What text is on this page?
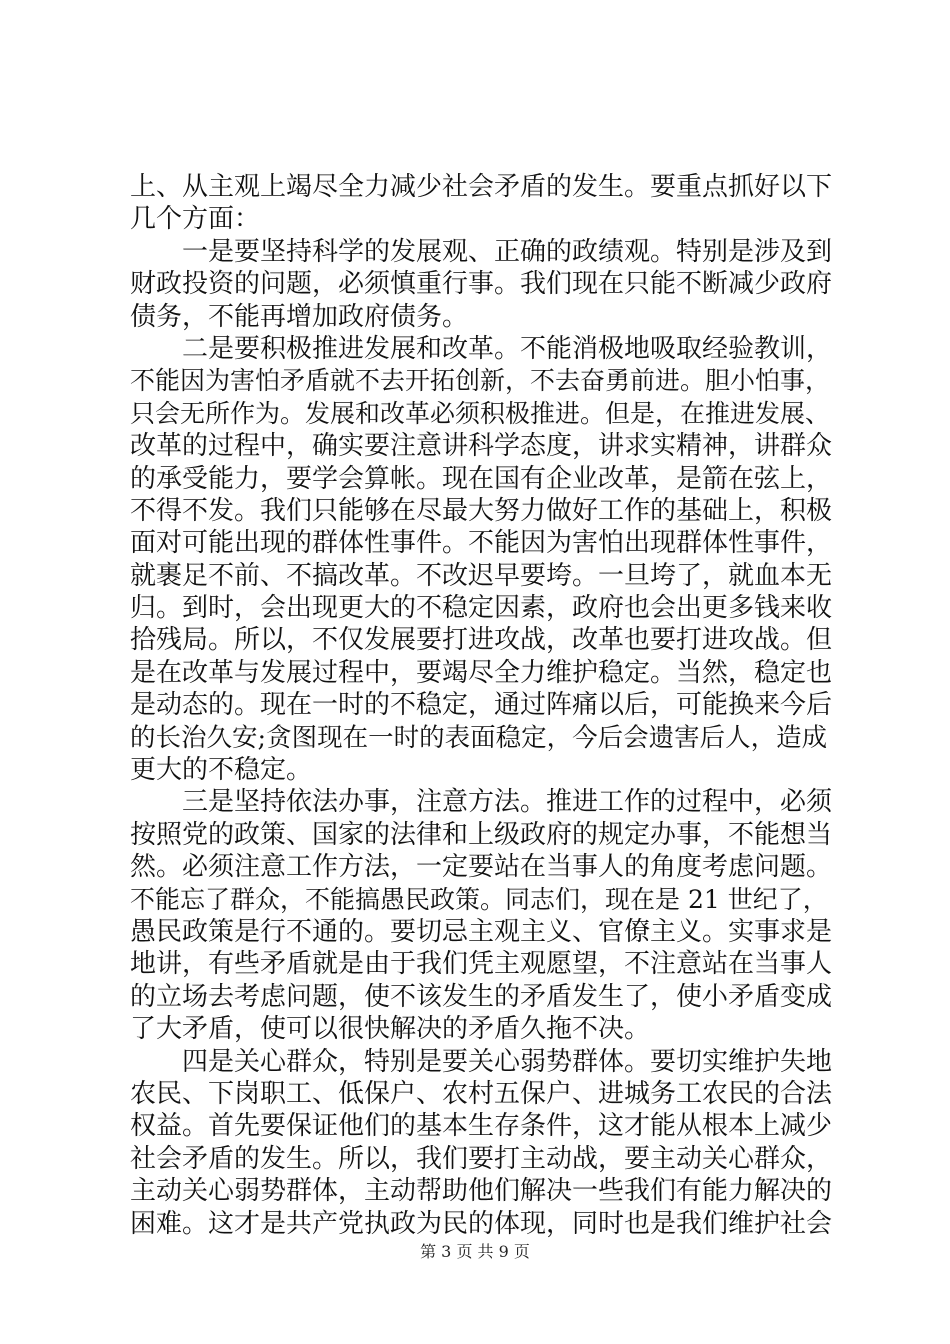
上、从主观上竭尽全力减少社会矛盾的发生。要重点抓好以下
几个方面：
一是要坚持科学的发展观、正确的政绩观。特别是涉及到
财政投资的问题，必须慎重行事。我们现在只能不断减少政府
债务，不能再增加政府债务。
二是要积极推进发展和改革。不能消极地吸取经验教训，
不能因为害怕矛盾就不去开拓创新，不去奋勇前进。胆小怕事，
只会无所作为。发展和改革必须积极推进。但是，在推进发展、
改革的过程中，确实要注意讲科学态度，讲求实精神，讲群众
的承受能力，要学会算帐。现在国有企业改革，是箭在弦上，
不得不发。我们只能够在尽最大努力做好工作的基础上，积极
面对可能出现的群体性事件。不能因为害怕出现群体性事件，
就裹足不前、不搞改革。不改迟早要垮。一旦垮了，就血本无
归。到时，会出现更大的不稳定因素，政府也会出更多钱来收
拾残局。所以，不仅发展要打进攻战，改革也要打进攻战。但
是在改革与发展过程中，要竭尽全力维护稳定。当然，稳定也
是动态的。现在一时的不稳定，通过阵痛以后，可能换来今后
的长治久安;贪图现在一时的表面稳定，今后会遗害后人，造成
更大的不稳定。
三是坚持依法办事，注意方法。推进工作的过程中，必须
按照党的政策、国家的法律和上级政府的规定办事，不能想当
然。必须注意工作方法，一定要站在当事人的角度考虑问题。
不能忘了群众，不能搞愚民政策。同志们，现在是 21 世纪了，
愚民政策是行不通的。要切忌主观主义、官僚主义。实事求是
地讲，有些矛盾就是由于我们凭主观愿望，不注意站在当事人
的立场去考虑问题，使不该发生的矛盾发生了，使小矛盾变成
了大矛盾，使可以很快解决的矛盾久拖不决。
四是关心群众，特别是要关心弱势群体。要切实维护失地
农民、下岗职工、低保户、农村五保户、进城务工农民的合法
权益。首先要保证他们的基本生存条件，这才能从根本上减少
社会矛盾的发生。所以，我们要打主动战，要主动关心群众，
主动关心弱势群体，主动帮助他们解决一些我们有能力解决的
困难。这才是共产党执政为民的体现，同时也是我们维护社会
第 3 页 共 9 页
